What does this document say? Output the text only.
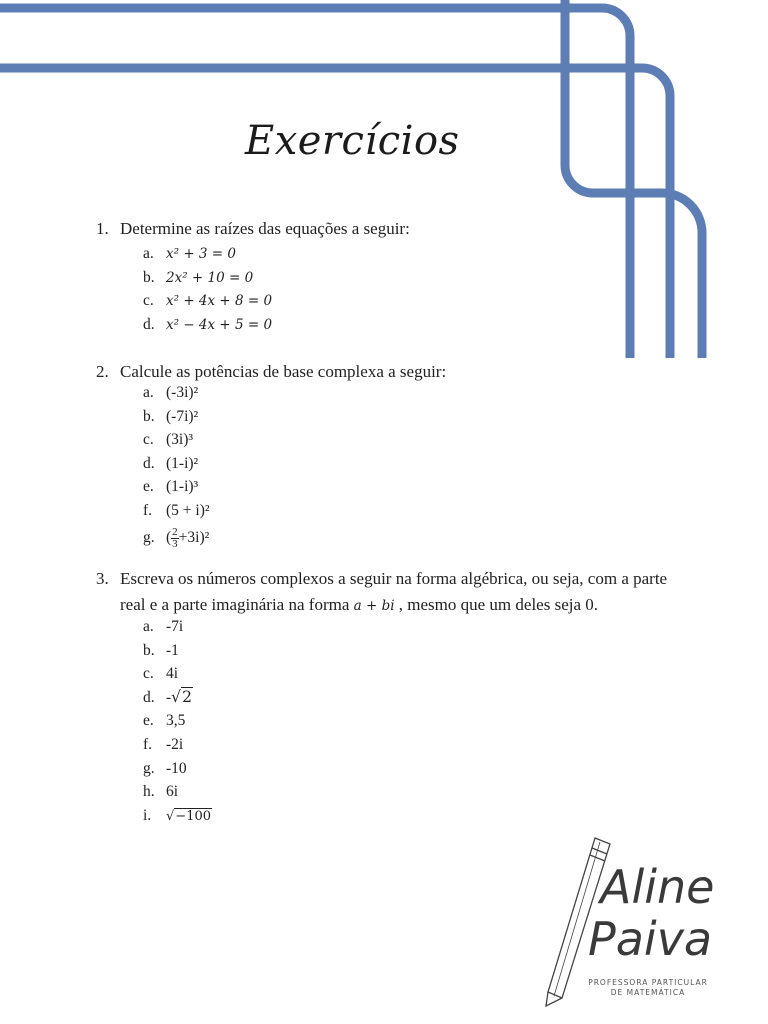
Exercícios
1. Determine as raízes das equações a seguir:
a. x² + 3 = 0
b. 2x² + 10 = 0
c. x² + 4x + 8 = 0
d. x² − 4x + 5 = 0
2. Calcule as potências de base complexa a seguir:
a. (-3i)²
b. (-7i)²
c. (3i)³
d. (1-i)²
e. (1-i)³
f. (5 + i)²
g. ( $\frac{2}{3} +3i)^2$
3. Escreva os números complexos a seguir na forma algébrica, ou seja, com a parte
real e a parte imaginária na forma a + bi , mesmo que um deles seja 0.
a. -7i
b. -1
c. 4i
d. -√2
e. 3,5
f. -2i
g. -10
h. 6i
i. √−100
Aline
Paiva
PROFESSORA PARTICULAR
DE MATEMÁTICA
